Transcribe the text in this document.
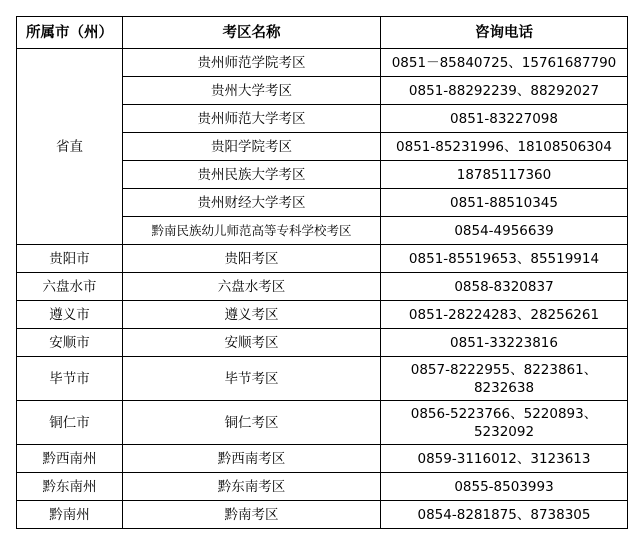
所属市（州）	考区名称	咨询电话
省直	贵州师范学院考区	0851－85840725、15761687790
	贵州大学考区	0851-88292239、88292027
	贵州师范大学考区	0851-83227098
	贵阳学院考区	0851-85231996、18108506304
	贵州民族大学考区	18785117360
	贵州财经大学考区	0851-88510345
	黔南民族幼儿师范高等专科学校考区	0854-4956639
贵阳市	贵阳考区	0851-85519653、85519914
六盘水市	六盘水考区	0858-8320837
遵义市	遵义考区	0851-28224283、28256261
安顺市	安顺考区	0851-33223816
毕节市	毕节考区	0857-8222955、8223861、8232638
铜仁市	铜仁考区	0856-5223766、5220893、5232092
黔西南州	黔西南考区	0859-3116012、3123613
黔东南州	黔东南考区	0855-8503993
黔南州	黔南考区	0854-8281875、8738305
